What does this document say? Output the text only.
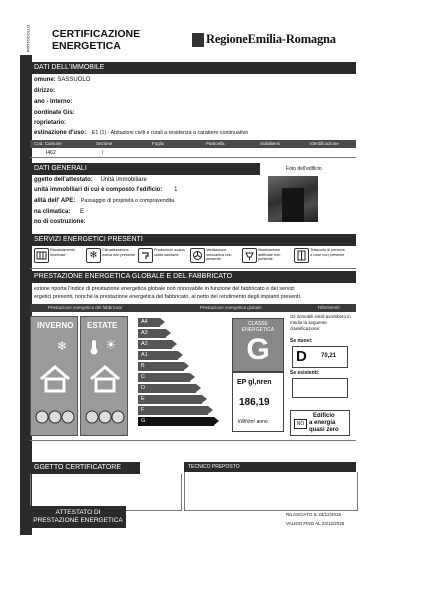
PROTOCOLLO CERTIFICAZIONE
ENERGETICA	RegioneEmilia-Romagna
DATI DELL'IMMOBILE
omune: SASSUOLO
dirizzo:
ano - Interno:
oordinate Gis:
roprietario:
estinazione d'uso: E1 (1) - Abitazioni civili e rurali a residenza a carattere continuativo
Cod. Comune	Sezione	Foglio	Particella	Subalterni	Identificazione
I462	/
DATI GENERALI	Foto dell'edificio
ggetto dell'attestato: Unità immobiliare
unità immobiliari di cui è composto l'edificio: 1
alità dell' APE: Passaggio di proprietà o compravendita
na climatica: E
no di costruzione:
SERVIZI ENERGETICI PRESENTI
Riscaldamento invernale	❄	Climatizzazione estiva non presente
Produzione acqua calda sanitaria
Ventilazione meccanica non presente
Illuminazione artificiale non presente
Trasporto di persone o cose non presente
PRESTAZIONE ENERGETICA GLOBALE E DEL FABBRICATO
ezione riporta l'indice di prestazione energetica globale non rinnovabile in funzione del fabbricato e dei servizi
ergetici presenti, nonché la prestazione energetica del fabbricato, al netto del rendimento degli impianti presenti.
Prestazione energetica del fabbricato	Prestazione energetica globale	Riferimenti
INVERNO
❄
ESTATE
☀
A4
A3
A2
A1
B
C
D
E
F
G
CLASSE ENERGETICA
G
EP gl,nren
186,19
kWh/m² anno
Gli immobili simili avrebbero in media la seguente classificazione:
Se nuovi:
D 70,21
Se esistenti:
Edificio
NO a energia
quasi zero
GGETTO CERTIFICATORE	TECNICO PREPOSTO
ATTESTATO DI
PRESTAZIONE ENERGETICA
RILASCIATO IL 23/12/2015
VALIDO FINO AL 23/12/2025
